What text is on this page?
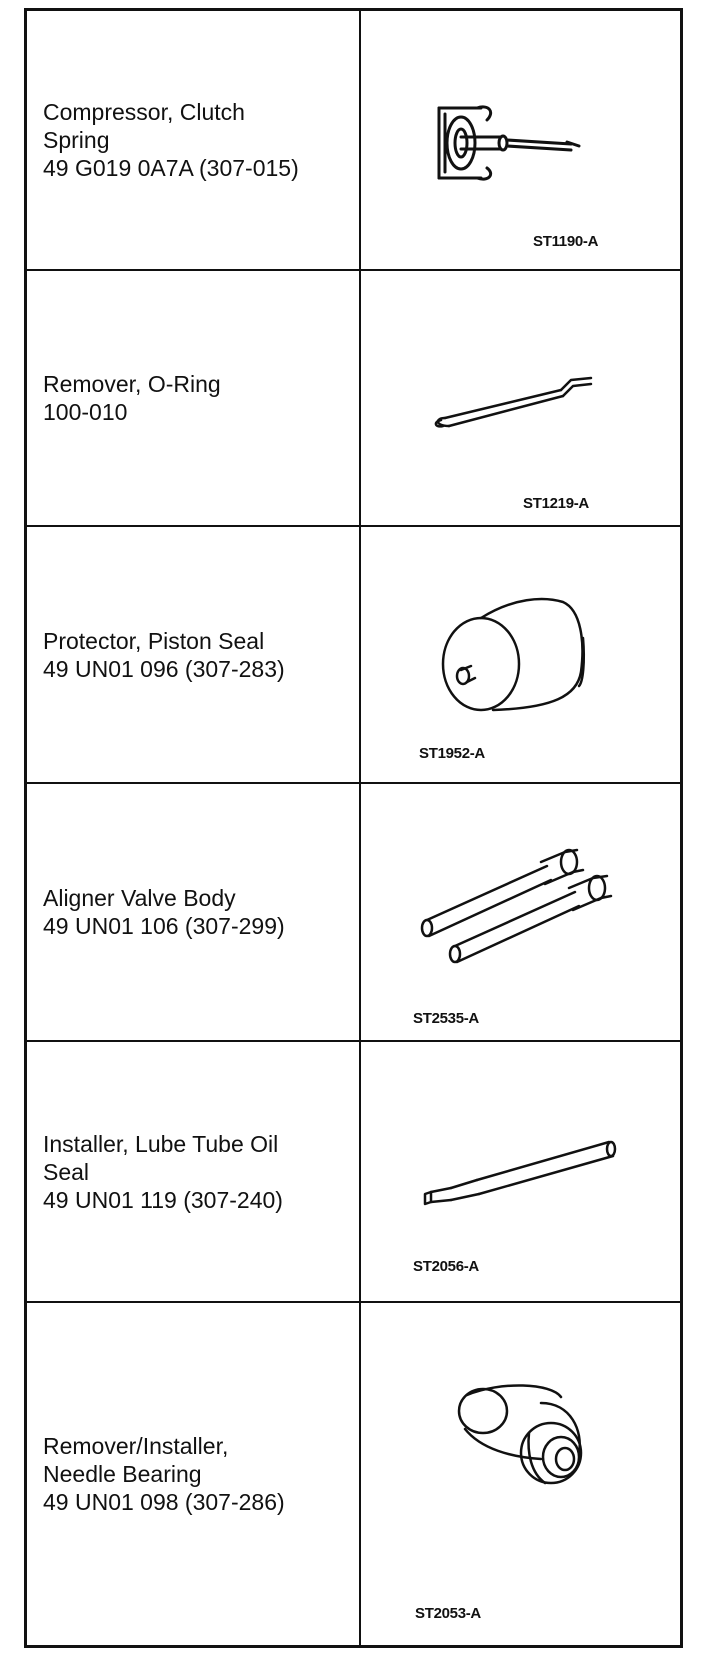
Compressor, Clutch
Spring
49 G019 0A7A (307-015)
ST1190-A
Remover, O-Ring
100-010
ST1219-A
Protector, Piston Seal
49 UN01 096 (307-283)
ST1952-A
Aligner Valve Body
49 UN01 106 (307-299)
ST2535-A
Installer, Lube Tube Oil
Seal
49 UN01 119 (307-240)
ST2056-A
Remover/Installer,
Needle Bearing
49 UN01 098 (307-286)
ST2053-A
